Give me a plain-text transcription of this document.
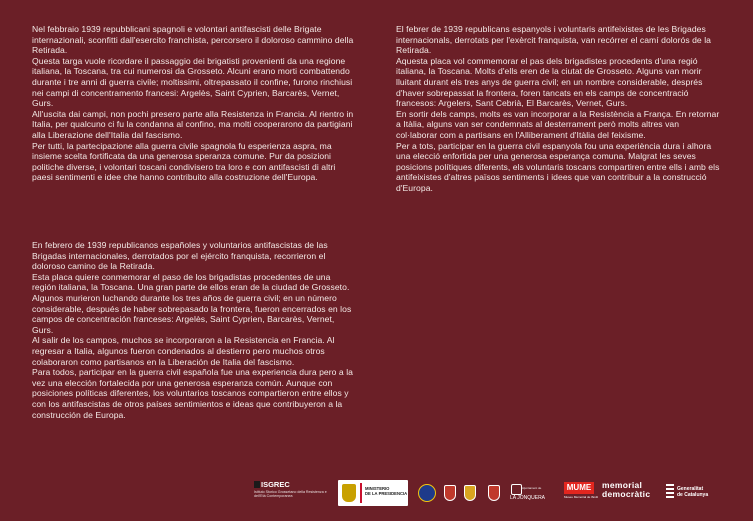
Nel febbraio 1939 repubblicani spagnoli e volontari antifascisti delle Brigate internazionali, sconfitti dall'esercito franchista, percorsero il doloroso cammino della Retirada.

Questa targa vuole ricordare il passaggio dei brigatisti provenienti da una regione italiana, la Toscana, tra cui numerosi da Grosseto. Alcuni erano morti combattendo durante i tre anni di guerra civile; moltissimi, oltrepassato il confine, furono rinchiusi nei campi di concentramento francesi: Argelès, Saint Cyprien, Barcarès, Vernet, Gurs.

All'uscita dai campi, non pochi presero parte alla Resistenza in Francia. Al rientro in Italia, per qualcuno ci fu la condanna al confino, ma molti cooperarono da partigiani alla Liberazione dell'Italia dal fascismo.

Per tutti, la partecipazione alla guerra civile spagnola fu esperienza aspra, ma insieme scelta fortificata da una generosa speranza comune. Pur da posizioni politiche diverse, i volontari toscani condivisero tra loro e con antifascisti di altri paesi sentimenti e idee che hanno contribuito alla costruzione dell'Europa.

El febrer de 1939 republicans espanyols i voluntaris antifeixistes de les Brigades internacionals, derrotats per l'exèrcit franquista, van recórrer el camí dolorós de la Retirada.

Aquesta placa vol commemorar el pas dels brigadistes procedents d'una regió italiana, la Toscana. Molts d'ells eren de la ciutat de Grosseto. Alguns van morir lluitant durant els tres anys de guerra civil; en un nombre considerable, després d'haver sobrepassat la frontera, foren tancats en els camps de concentració francesos: Argelers, Sant Cebrià, El Barcarès, Vernet, Gurs.

En sortir dels camps, molts es van incorporar a la Resistència a França. En retornar a Itàlia, alguns van ser condemnats al desterrament però molts altres van col·laborar com a partisans en l'Alliberament d'Itàlia del feixisme.

Per a tots, participar en la guerra civil espanyola fou una experiència dura i alhora una elecció enfortida per una generosa esperança comuna. Malgrat les seves posicions polítiques diferents, els voluntaris toscans compartiren entre ells i amb els antifeixistes d'altres països sentiments i idees que van contribuir a la construcció d'Europa.

En febrero de 1939 republicanos españoles y voluntarios antifascistas de las Brigadas internacionales, derrotados por el ejército franquista, recorrieron el doloroso camino de la Retirada.

Esta placa quiere conmemorar el paso de los brigadistas procedentes de una región italiana, la Toscana. Una gran parte de ellos eran de la ciudad de Grosseto. Algunos murieron luchando durante los tres años de guerra civil; en un número considerable, después de haber sobrepasado la frontera, fueron encerrados en los campos de concentración franceses: Argelès, Saint Cyprien, Barcarès, Vernet, Gurs.

Al salir de los campos, muchos se incorporaron a la Resistencia en Francia. Al regresar a Italia, algunos fueron condenados al destierro pero muchos otros colaboraron como partisanos en la Liberación de Italia del fascismo.

Para todos, participar en la guerra civil española fue una experiencia dura pero a la vez una elección fortalecida por una generosa esperanza común. Aunque con posiciones políticas diferentes, los voluntarios toscanos compartieron entre ellos y con los antifascistas de otros países sentimientos e ideas que contribuyeron a la construcción de Europa.

ISGREC
Istituto Storico Grossetano della Resistenza e dell'Età Contemporanea
MINISTERIO
DE LA PRESIDENCIA
Ajuntament de
LA JONQUERA
MUME
Museu Memorial de l'Exili
memorial
democràtic	Generalitat
de Catalunya
